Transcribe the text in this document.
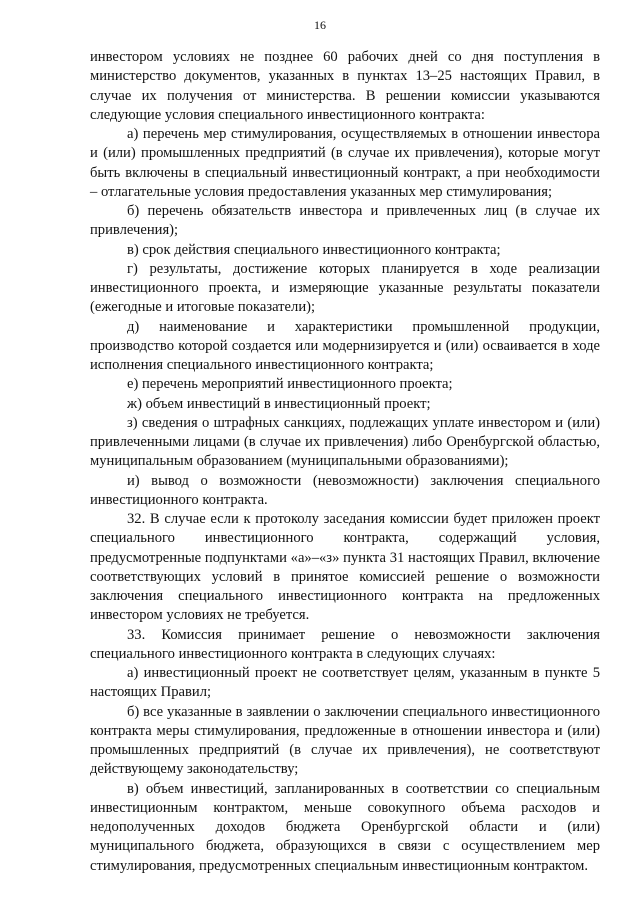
16

инвестором условиях не позднее 60 рабочих дней со дня поступления в министерство документов, указанных в пунктах 13–25 настоящих Правил, в случае их получения от министерства. В решении комиссии указываются следующие условия специального инвестиционного контракта:

а) перечень мер стимулирования, осуществляемых в отношении инвестора и (или) промышленных предприятий (в случае их привлечения), которые могут быть включены в специальный инвестиционный контракт, а при необходимости – отлагательные условия предоставления указанных мер стимулирования;

б) перечень обязательств инвестора и привлеченных лиц (в случае их привлечения);

в) срок действия специального инвестиционного контракта;

г) результаты, достижение которых планируется в ходе реализации инвестиционного проекта, и измеряющие указанные результаты показатели (ежегодные и итоговые показатели);

д) наименование и характеристики промышленной продукции, производство которой создается или модернизируется и (или) осваивается в ходе исполнения специального инвестиционного контракта;

е) перечень мероприятий инвестиционного проекта;

ж) объем инвестиций в инвестиционный проект;

з) сведения о штрафных санкциях, подлежащих уплате инвестором и (или) привлеченными лицами (в случае их привлечения) либо Оренбургской областью, муниципальным образованием (муниципальными образованиями);

и) вывод о возможности (невозможности) заключения специального инвестиционного контракта.

32. В случае если к протоколу заседания комиссии будет приложен проект специального инвестиционного контракта, содержащий условия, предусмотренные подпунктами «а»–«з» пункта 31 настоящих Правил, включение соответствующих условий в принятое комиссией решение о возможности заключения специального инвестиционного контракта на предложенных инвестором условиях не требуется.

33. Комиссия принимает решение о невозможности заключения специального инвестиционного контракта в следующих случаях:

а) инвестиционный проект не соответствует целям, указанным в пункте 5 настоящих Правил;

б) все указанные в заявлении о заключении специального инвестиционного контракта меры стимулирования, предложенные в отношении инвестора и (или) промышленных предприятий (в случае их привлечения), не соответствуют действующему законодательству;

в) объем инвестиций, запланированных в соответствии со специальным инвестиционным контрактом, меньше совокупного объема расходов и недополученных доходов бюджета Оренбургской области и (или) муниципального бюджета, образующихся в связи с осуществлением мер стимулирования, предусмотренных специальным инвестиционным контрактом.
